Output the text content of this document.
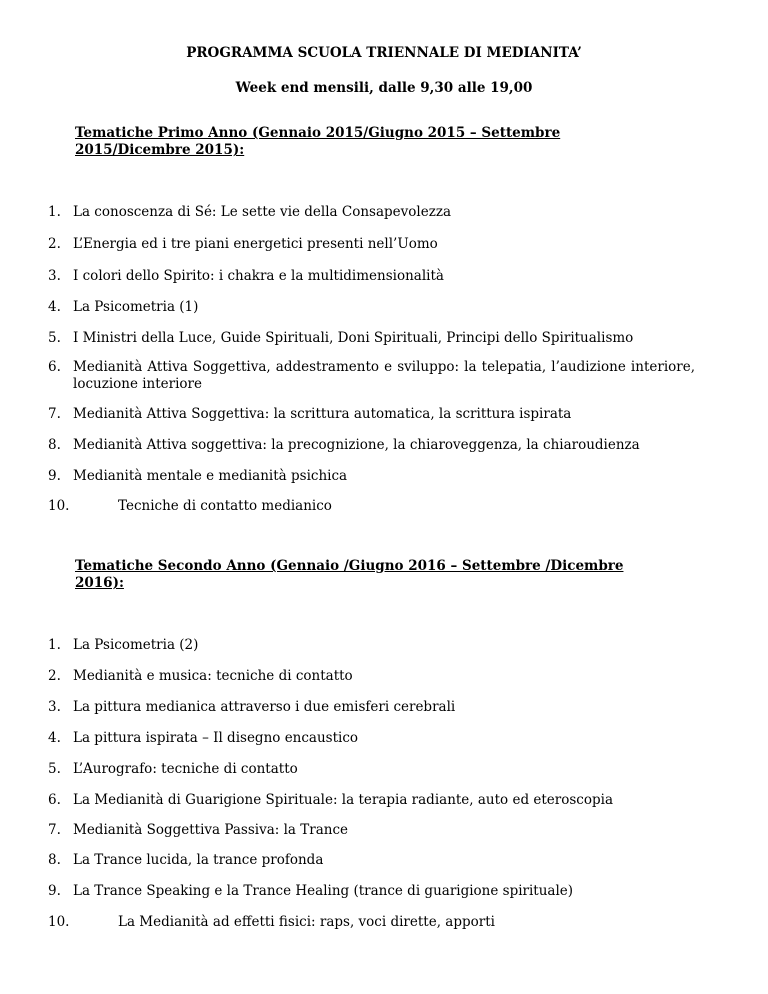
PROGRAMMA SCUOLA TRIENNALE DI MEDIANITA’

Week end mensili, dalle 9,30 alle 19,00

Tematiche Primo Anno (Gennaio 2015/Giugno 2015 – Settembre 2015/Dicembre 2015):

1. La conoscenza di Sé: Le sette vie della Consapevolezza
2. L’Energia ed i tre piani energetici presenti nell’Uomo
3. I colori dello Spirito: i chakra e la multidimensionalità
4. La Psicometria (1)
5. I Ministri della Luce, Guide Spirituali, Doni Spirituali, Principi dello Spiritualismo
6. Medianità Attiva Soggettiva, addestramento e sviluppo: la telepatia, l’audizione interiore, locuzione interiore
7. Medianità Attiva Soggettiva: la scrittura automatica, la scrittura ispirata
8. Medianità Attiva soggettiva: la precognizione, la chiaroveggenza, la chiaroudienza
9. Medianità mentale e medianità psichica
10.	Tecniche di contatto medianico

Tematiche Secondo Anno (Gennaio /Giugno 2016 – Settembre /Dicembre 2016):

1. La Psicometria (2)
2. Medianità e musica: tecniche di contatto
3. La pittura medianica attraverso i due emisferi cerebrali
4. La pittura ispirata – Il disegno encaustico
5. L’Aurografo: tecniche di contatto
6. La Medianità di Guarigione Spirituale: la terapia radiante, auto ed eteroscopia
7. Medianità Soggettiva Passiva: la Trance
8. La Trance lucida, la trance profonda
9. La Trance Speaking e la Trance Healing (trance di guarigione spirituale)
10.	La Medianità ad effetti fisici: raps, voci dirette, apporti
